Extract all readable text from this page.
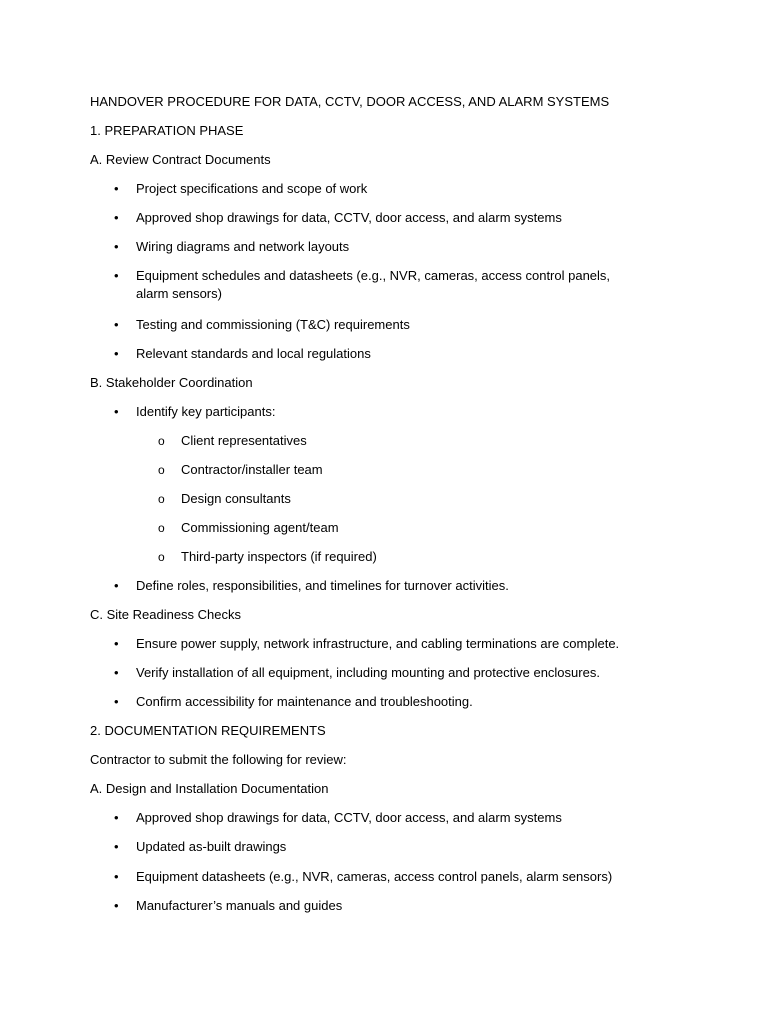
HANDOVER PROCEDURE FOR DATA, CCTV, DOOR ACCESS, AND ALARM SYSTEMS
1. PREPARATION PHASE
A. Review Contract Documents
• Project specifications and scope of work
• Approved shop drawings for data, CCTV, door access, and alarm systems
• Wiring diagrams and network layouts
• Equipment schedules and datasheets (e.g., NVR, cameras, access control panels, alarm sensors)
• Testing and commissioning (T&C) requirements
• Relevant standards and local regulations
B. Stakeholder Coordination
• Identify key participants:
o Client representatives
o Contractor/installer team
o Design consultants
o Commissioning agent/team
o Third-party inspectors (if required)
• Define roles, responsibilities, and timelines for turnover activities.
C. Site Readiness Checks
• Ensure power supply, network infrastructure, and cabling terminations are complete.
• Verify installation of all equipment, including mounting and protective enclosures.
• Confirm accessibility for maintenance and troubleshooting.
2. DOCUMENTATION REQUIREMENTS
Contractor to submit the following for review:
A. Design and Installation Documentation
• Approved shop drawings for data, CCTV, door access, and alarm systems
• Updated as-built drawings
• Equipment datasheets (e.g., NVR, cameras, access control panels, alarm sensors)
• Manufacturer’s manuals and guides
